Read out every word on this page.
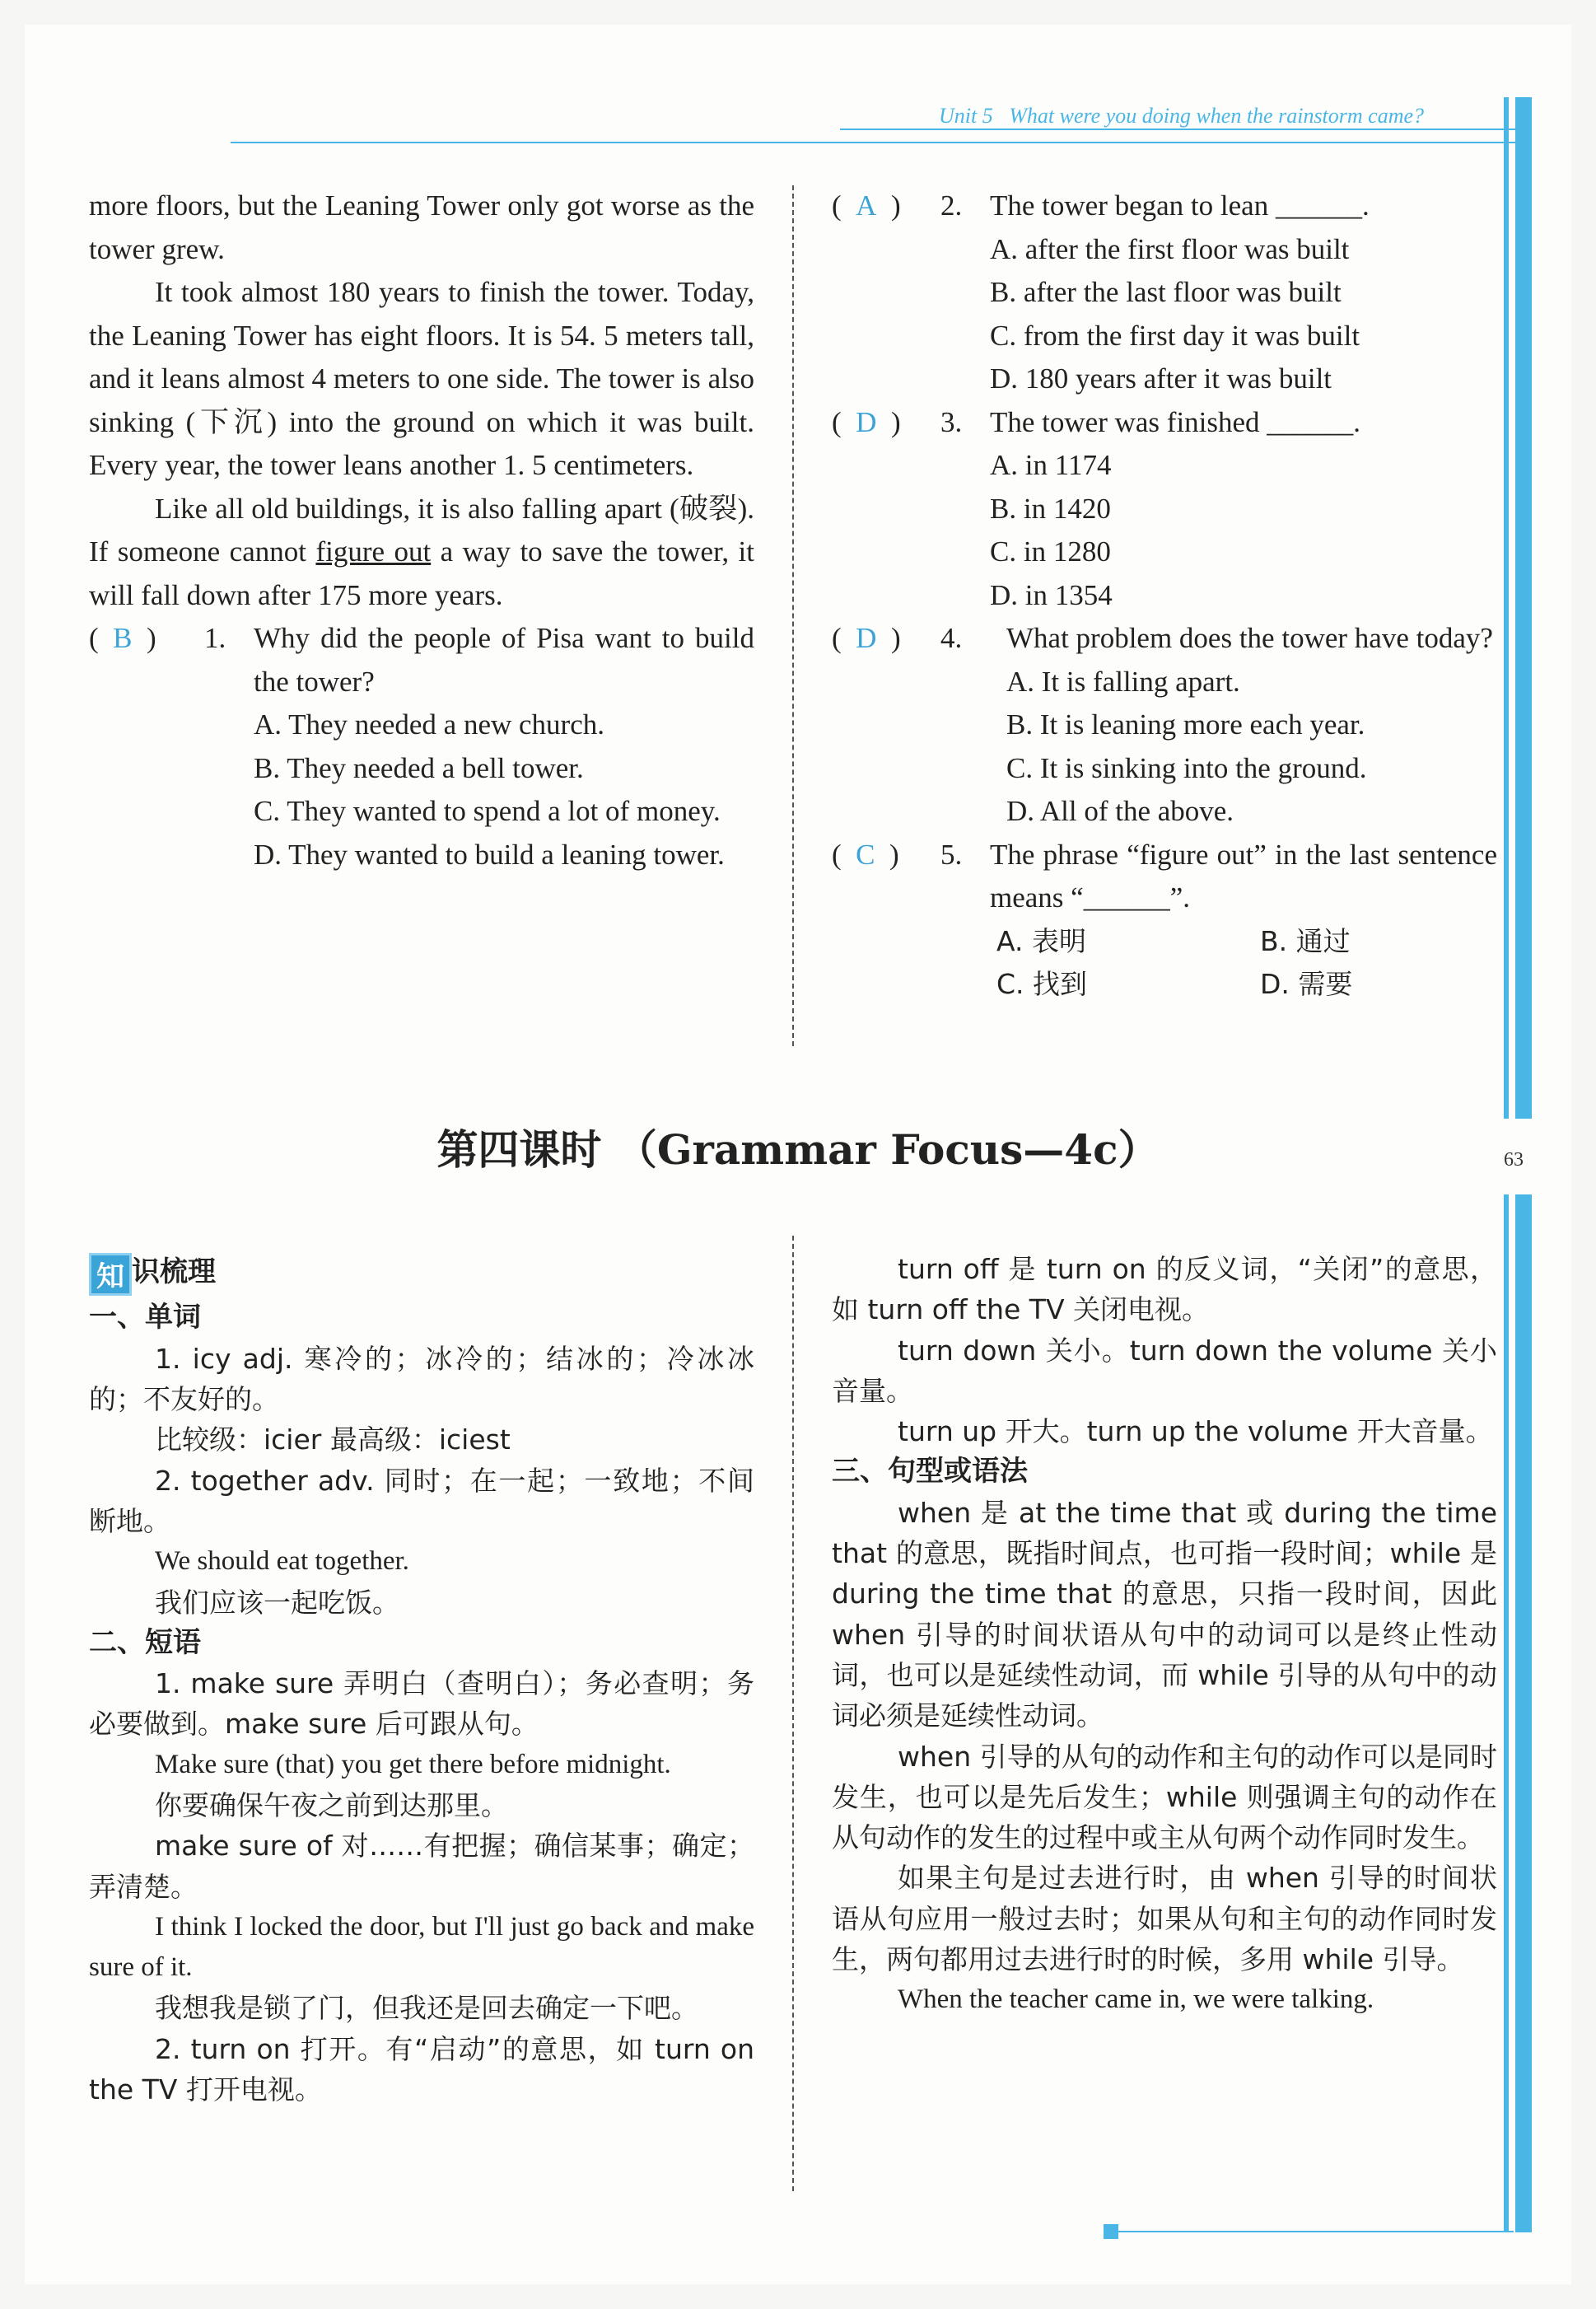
Unit 5 What were you doing when the rainstorm came?
63

more floors, but the Leaning Tower only got worse as the tower grew.

It took almost 180 years to finish the tower. Today, the Leaning Tower has eight floors. It is 54. 5 meters tall, and it leans almost 4 meters to one side. The tower is also sinking (下沉) into the ground on which it was built. Every year, the tower leans another 1. 5 centimeters.

Like all old buildings, it is also falling apart (破裂). If someone cannot figure out a way to save the tower, it will fall down after 175 more years.

(  B  )	1. Why did the people of Pisa want to build the tower?

A. They needed a new church.

B. They needed a bell tower.

C. They wanted to spend a lot of money.

D. They wanted to build a leaning tower.

(  A  )	2. The tower began to lean ______.

A. after the first floor was built

B. after the last floor was built

C. from the first day it was built

D. 180 years after it was built

(  D  )	3. The tower was finished ______.

A. in 1174

B. in 1420

C. in 1280

D. in 1354

(  D  )	4.	What problem does the tower have today?

A. It is falling apart.

B. It is leaning more each year.

C. It is sinking into the ground.

D. All of the above.

(  C  )	5. The phrase “figure out” in the last sentence means “______”.
A. 表明	B. 通过
C. 找到	D. 需要
第四课时 （Grammar Focus—4c）
知 识梳理

一、单词

1. icy adj. 寒冷的；冰冷的；结冰的；冷冰冰的；不友好的。

比较级：icier 最高级：iciest

2. together adv. 同时；在一起；一致地；不间断地。

We should eat together.

我们应该一起吃饭。

二、短语

1. make sure 弄明白（查明白）；务必查明；务必要做到。make sure 后可跟从句。

Make sure (that) you get there before midnight.

你要确保午夜之前到达那里。

make sure of 对……有把握；确信某事；确定；弄清楚。

I think I locked the door, but I'll just go back and make sure of it.

我想我是锁了门，但我还是回去确定一下吧。

2. turn on 打开。有“启动”的意思，如 turn on the TV 打开电视。

turn off 是 turn on 的反义词，“关闭”的意思，如 turn off the TV 关闭电视。

turn down 关小。turn down the volume 关小音量。

turn up 开大。turn up the volume 开大音量。

三、句型或语法

when 是 at the time that 或 during the time that 的意思，既指时间点，也可指一段时间；while 是 during the time that 的意思，只指一段时间，因此 when 引导的时间状语从句中的动词可以是终止性动词，也可以是延续性动词，而 while 引导的从句中的动词必须是延续性动词。

when 引导的从句的动作和主句的动作可以是同时发生，也可以是先后发生；while 则强调主句的动作在从句动作的发生的过程中或主从句两个动作同时发生。

如果主句是过去进行时，由 when 引导的时间状语从句应用一般过去时；如果从句和主句的动作同时发生，两句都用过去进行时的时候，多用 while 引导。

When the teacher came in, we were talking.
